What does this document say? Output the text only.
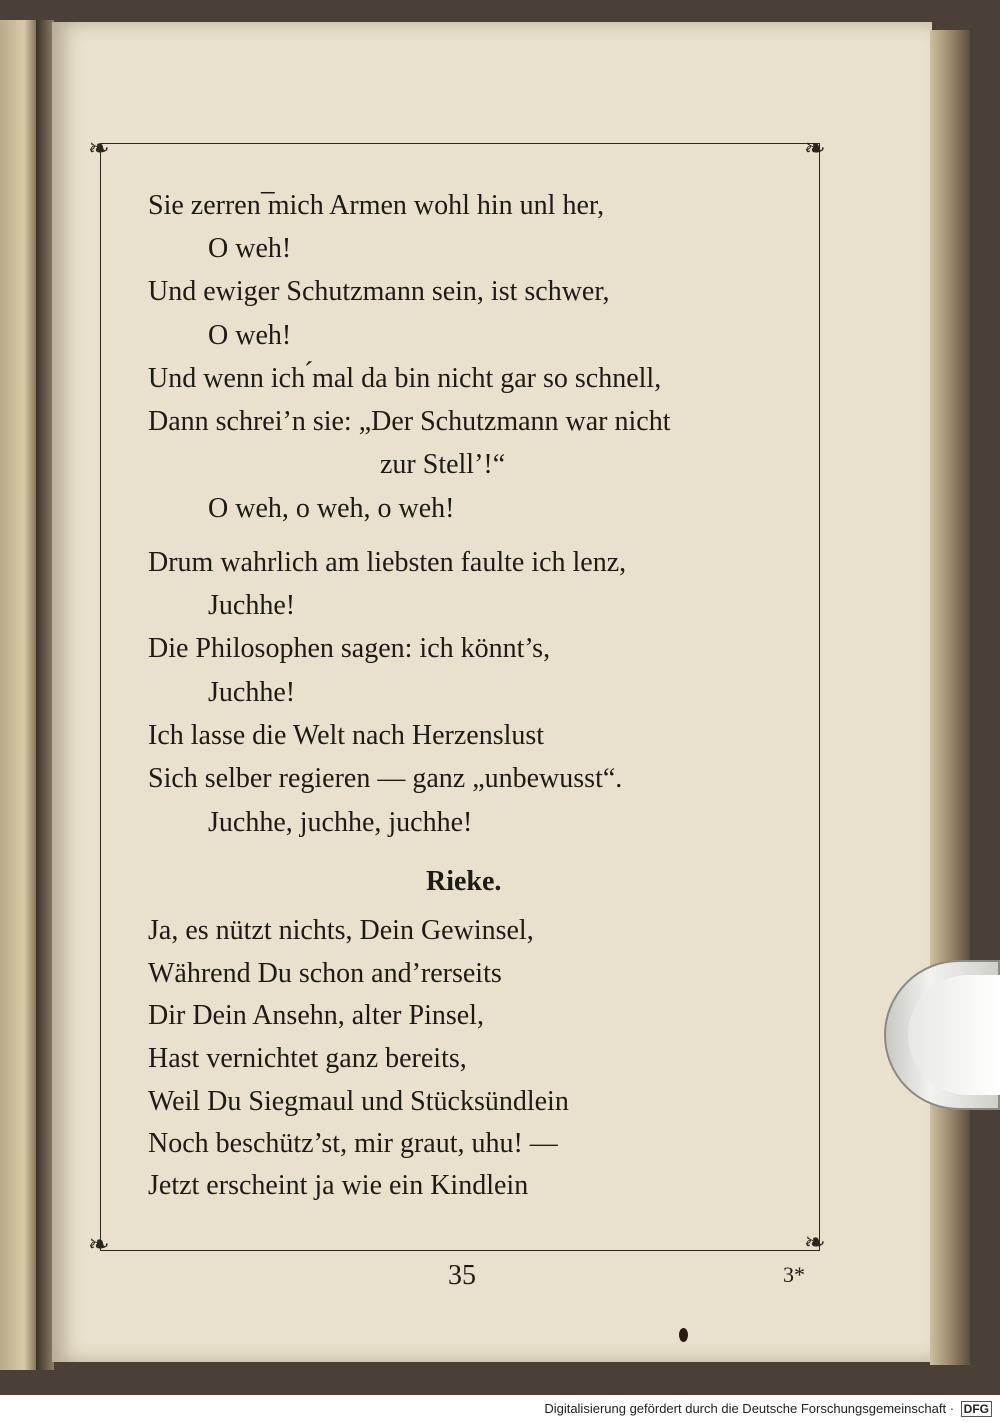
❧	❧
❧	❧
Sie zerren ̅mich Armen wohl hin unl her,
O weh!
Und ewiger Schutzmann sein, ist schwer,
O weh!
Und wenn ich ́mal da bin nicht gar so schnell,
Dann schrei’n sie: „Der Schutzmann war nicht
zur Stell’!“
O weh, o weh, o weh!
Drum wahrlich am liebsten faulte ich lenz,
Juchhe!
Die Philosophen sagen: ich könnt’s,
Juchhe!
Ich lasse die Welt nach Herzenslust
Sich selber regieren — ganz „unbewusst“.
Juchhe, juchhe, juchhe!
Rieke.
Ja, es nützt nichts, Dein Gewinsel,
Während Du schon and’rerseits
Dir Dein Ansehn, alter Pinsel,
Hast vernichtet ganz bereits,
Weil Du Siegmaul und Stücksündlein
Noch beschütz’st, mir graut, uhu! —
Jetzt erscheint ja wie ein Kindlein
35	3*
Digitalisierung gefördert durch die Deutsche Forschungsgemeinschaft · DFG
